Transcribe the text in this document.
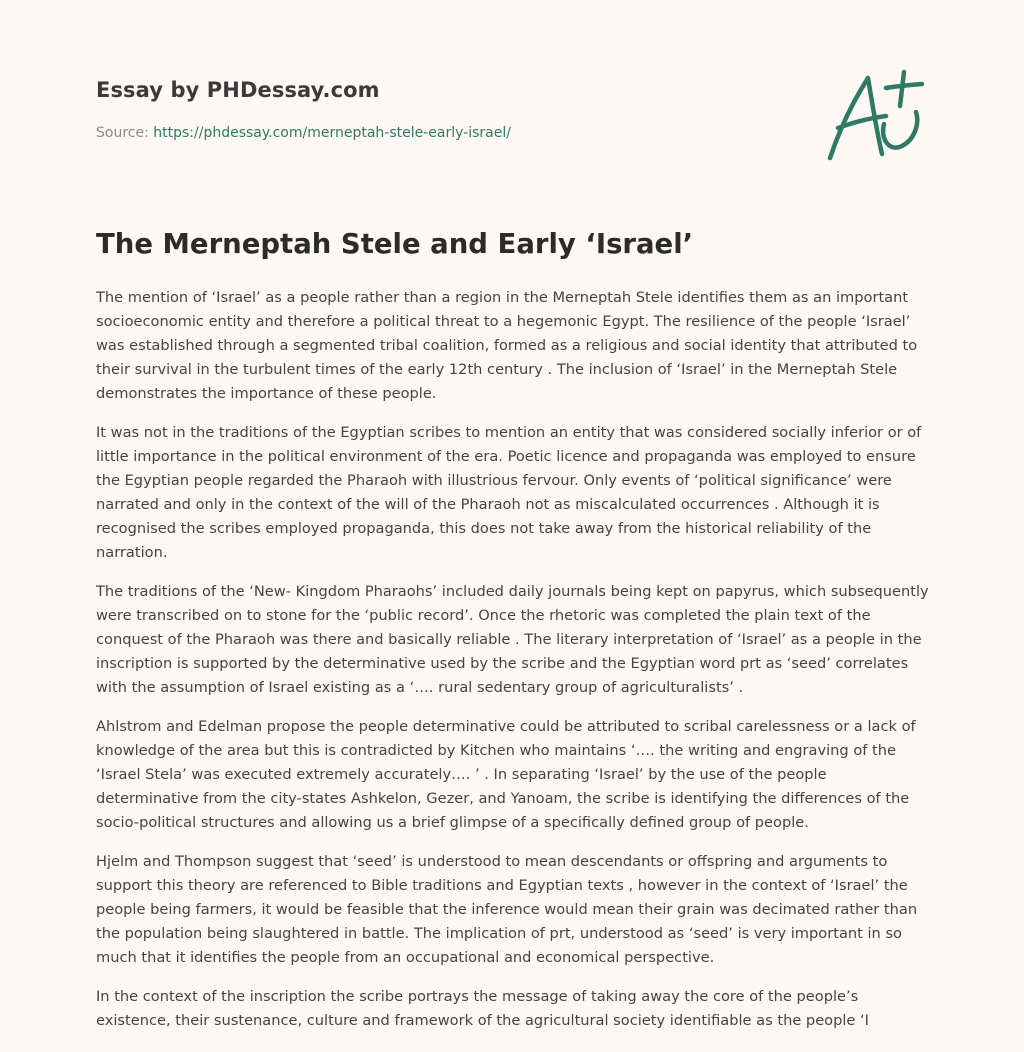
Essay by PHDessay.com
Source: https://phdessay.com/merneptah-stele-early-israel/
The Merneptah Stele and Early ‘Israel’

The mention of ‘Israel’ as a people rather than a region in the Merneptah Stele identifies them as an important socioeconomic entity and therefore a political threat to a hegemonic Egypt. The resilience of the people ‘Israel’ was established through a segmented tribal coalition, formed as a religious and social identity that attributed to their survival in the turbulent times of the early 12th century . The inclusion of ‘Israel’ in the Merneptah Stele demonstrates the importance of these people.

It was not in the traditions of the Egyptian scribes to mention an entity that was considered socially inferior or of little importance in the political environment of the era. Poetic licence and propaganda was employed to ensure the Egyptian people regarded the Pharaoh with illustrious fervour. Only events of ‘political significance’ were narrated and only in the context of the will of the Pharaoh not as miscalculated occurrences . Although it is recognised the scribes employed propaganda, this does not take away from the historical reliability of the narration.

The traditions of the ‘New- Kingdom Pharaohs’ included daily journals being kept on papyrus, which subsequently were transcribed on to stone for the ‘public record’. Once the rhetoric was completed the plain text of the conquest of the Pharaoh was there and basically reliable . The literary interpretation of ‘Israel’ as a people in the inscription is supported by the determinative used by the scribe and the Egyptian word prt as ‘seed’ correlates with the assumption of Israel existing as a ‘…. rural sedentary group of agriculturalists’ .

Ahlstrom and Edelman propose the people determinative could be attributed to scribal carelessness or a lack of knowledge of the area but this is contradicted by Kitchen who maintains ‘…. the writing and engraving of the ‘Israel Stela’ was executed extremely accurately…. ’ . In separating ‘Israel’ by the use of the people determinative from the city-states Ashkelon, Gezer, and Yanoam, the scribe is identifying the differences of the socio-political structures and allowing us a brief glimpse of a specifically defined group of people.

Hjelm and Thompson suggest that ‘seed’ is understood to mean descendants or offspring and arguments to support this theory are referenced to Bible traditions and Egyptian texts , however in the context of ‘Israel’ the people being farmers, it would be feasible that the inference would mean their grain was decimated rather than the population being slaughtered in battle. The implication of prt, understood as ‘seed’ is very important in so much that it identifies the people from an occupational and economical perspective.

In the context of the inscription the scribe portrays the message of taking away the core of the people’s existence, their sustenance, culture and framework of the agricultural society identifiable as the people ‘I
